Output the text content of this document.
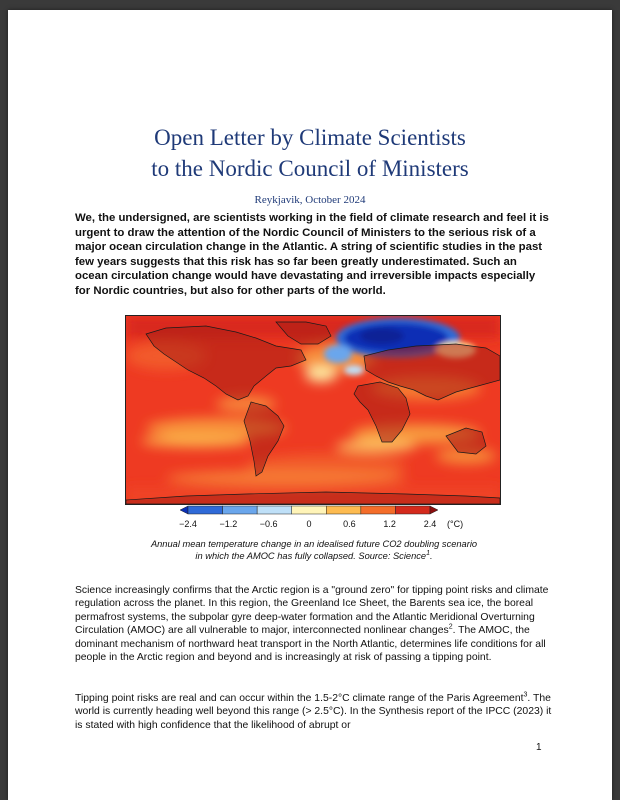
Open Letter by Climate Scientists
to the Nordic Council of Ministers
Reykjavik, October 2024

We, the undersigned, are scientists working in the field of climate research and feel it is urgent to draw the attention of the Nordic Council of Ministers to the serious risk of a major ocean circulation change in the Atlantic. A string of scientific studies in the past few years suggests that this risk has so far been greatly underestimated. Such an ocean circulation change would have devastating and irreversible impacts especially for Nordic countries, but also for other parts of the world.

−2.4	−1.2	−0.6	0	0.6	1.2	2.4 (°C)
Annual mean temperature change in an idealised future CO2 doubling scenario
in which the AMOC has fully collapsed. Source: Science$^1$.

Science increasingly confirms that the Arctic region is a "ground zero" for tipping point risks and climate regulation across the planet. In this region, the Greenland Ice Sheet, the Barents sea ice, the boreal permafrost systems, the subpolar gyre deep-water formation and the Atlantic Meridional Overturning Circulation (AMOC) are all vulnerable to major, interconnected nonlinear changes$^2$. The AMOC, the dominant mechanism of northward heat transport in the North Atlantic, determines life conditions for all people in the Arctic region and beyond and is increasingly at risk of passing a tipping point.

Tipping point risks are real and can occur within the 1.5-2°C climate range of the Paris Agreement$^3$. The world is currently heading well beyond this range (> 2.5°C). In the Synthesis report of the IPCC (2023) it is stated with high confidence that the likelihood of abrupt or

1
